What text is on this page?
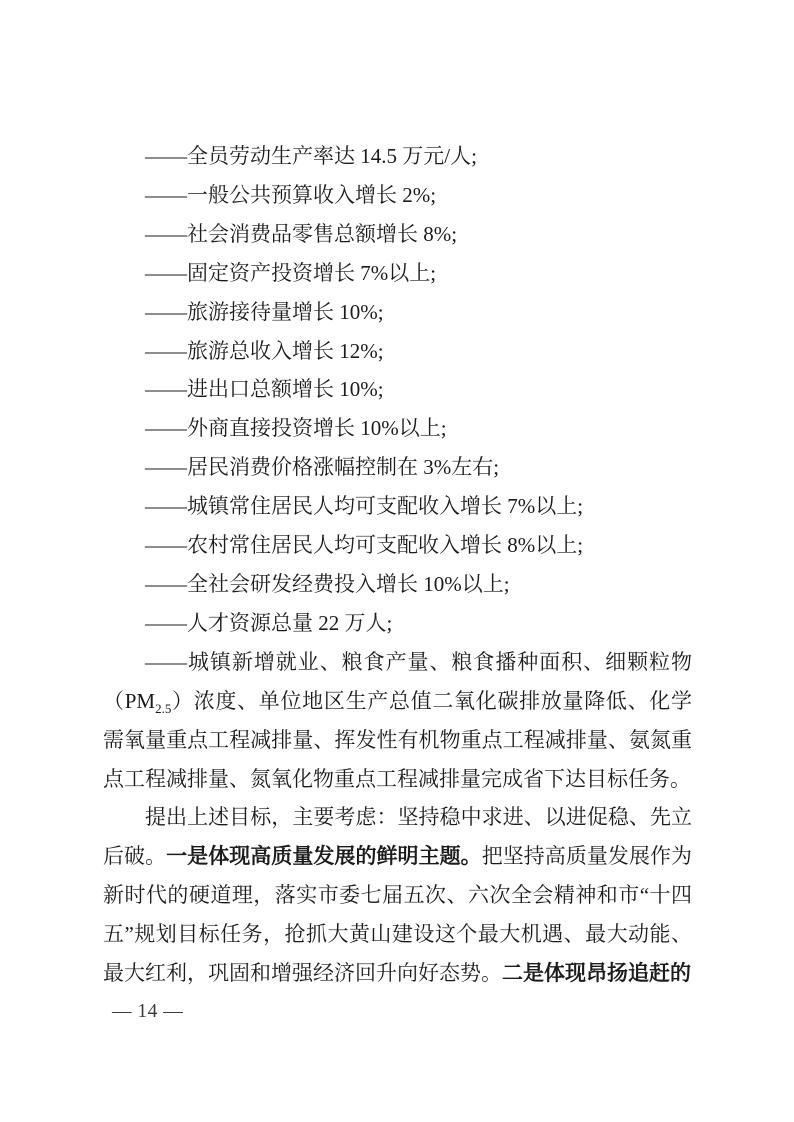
——全员劳动生产率达 14.5 万元/人;

——一般公共预算收入增长 2%;

——社会消费品零售总额增长 8%;

——固定资产投资增长 7%以上;

——旅游接待量增长 10%;

——旅游总收入增长 12%;

——进出口总额增长 10%;

——外商直接投资增长 10%以上;

——居民消费价格涨幅控制在 3%左右;

——城镇常住居民人均可支配收入增长 7%以上;

——农村常住居民人均可支配收入增长 8%以上;

——全社会研发经费投入增长 10%以上;

——人才资源总量 22 万人;

——城镇新增就业、粮食产量、粮食播种面积、细颗粒物$(PM_{2.5})$浓度、单位地区生产总值二氧化碳排放量降低、化学需氧量重点工程减排量、挥发性有机物重点工程减排量、氨氮重点工程减排量、氮氧化物重点工程减排量完成省下达目标任务。

提出上述目标，主要考虑：坚持稳中求进、以进促稳、先立后破。一是体现高质量发展的鲜明主题。把坚持高质量发展作为新时代的硬道理，落实市委七届五次、六次全会精神和市“十四五”规划目标任务，抢抓大黄山建设这个最大机遇、最大动能、最大红利，巩固和增强经济回升向好态势。二是体现昂扬追赶的

— 14 —
